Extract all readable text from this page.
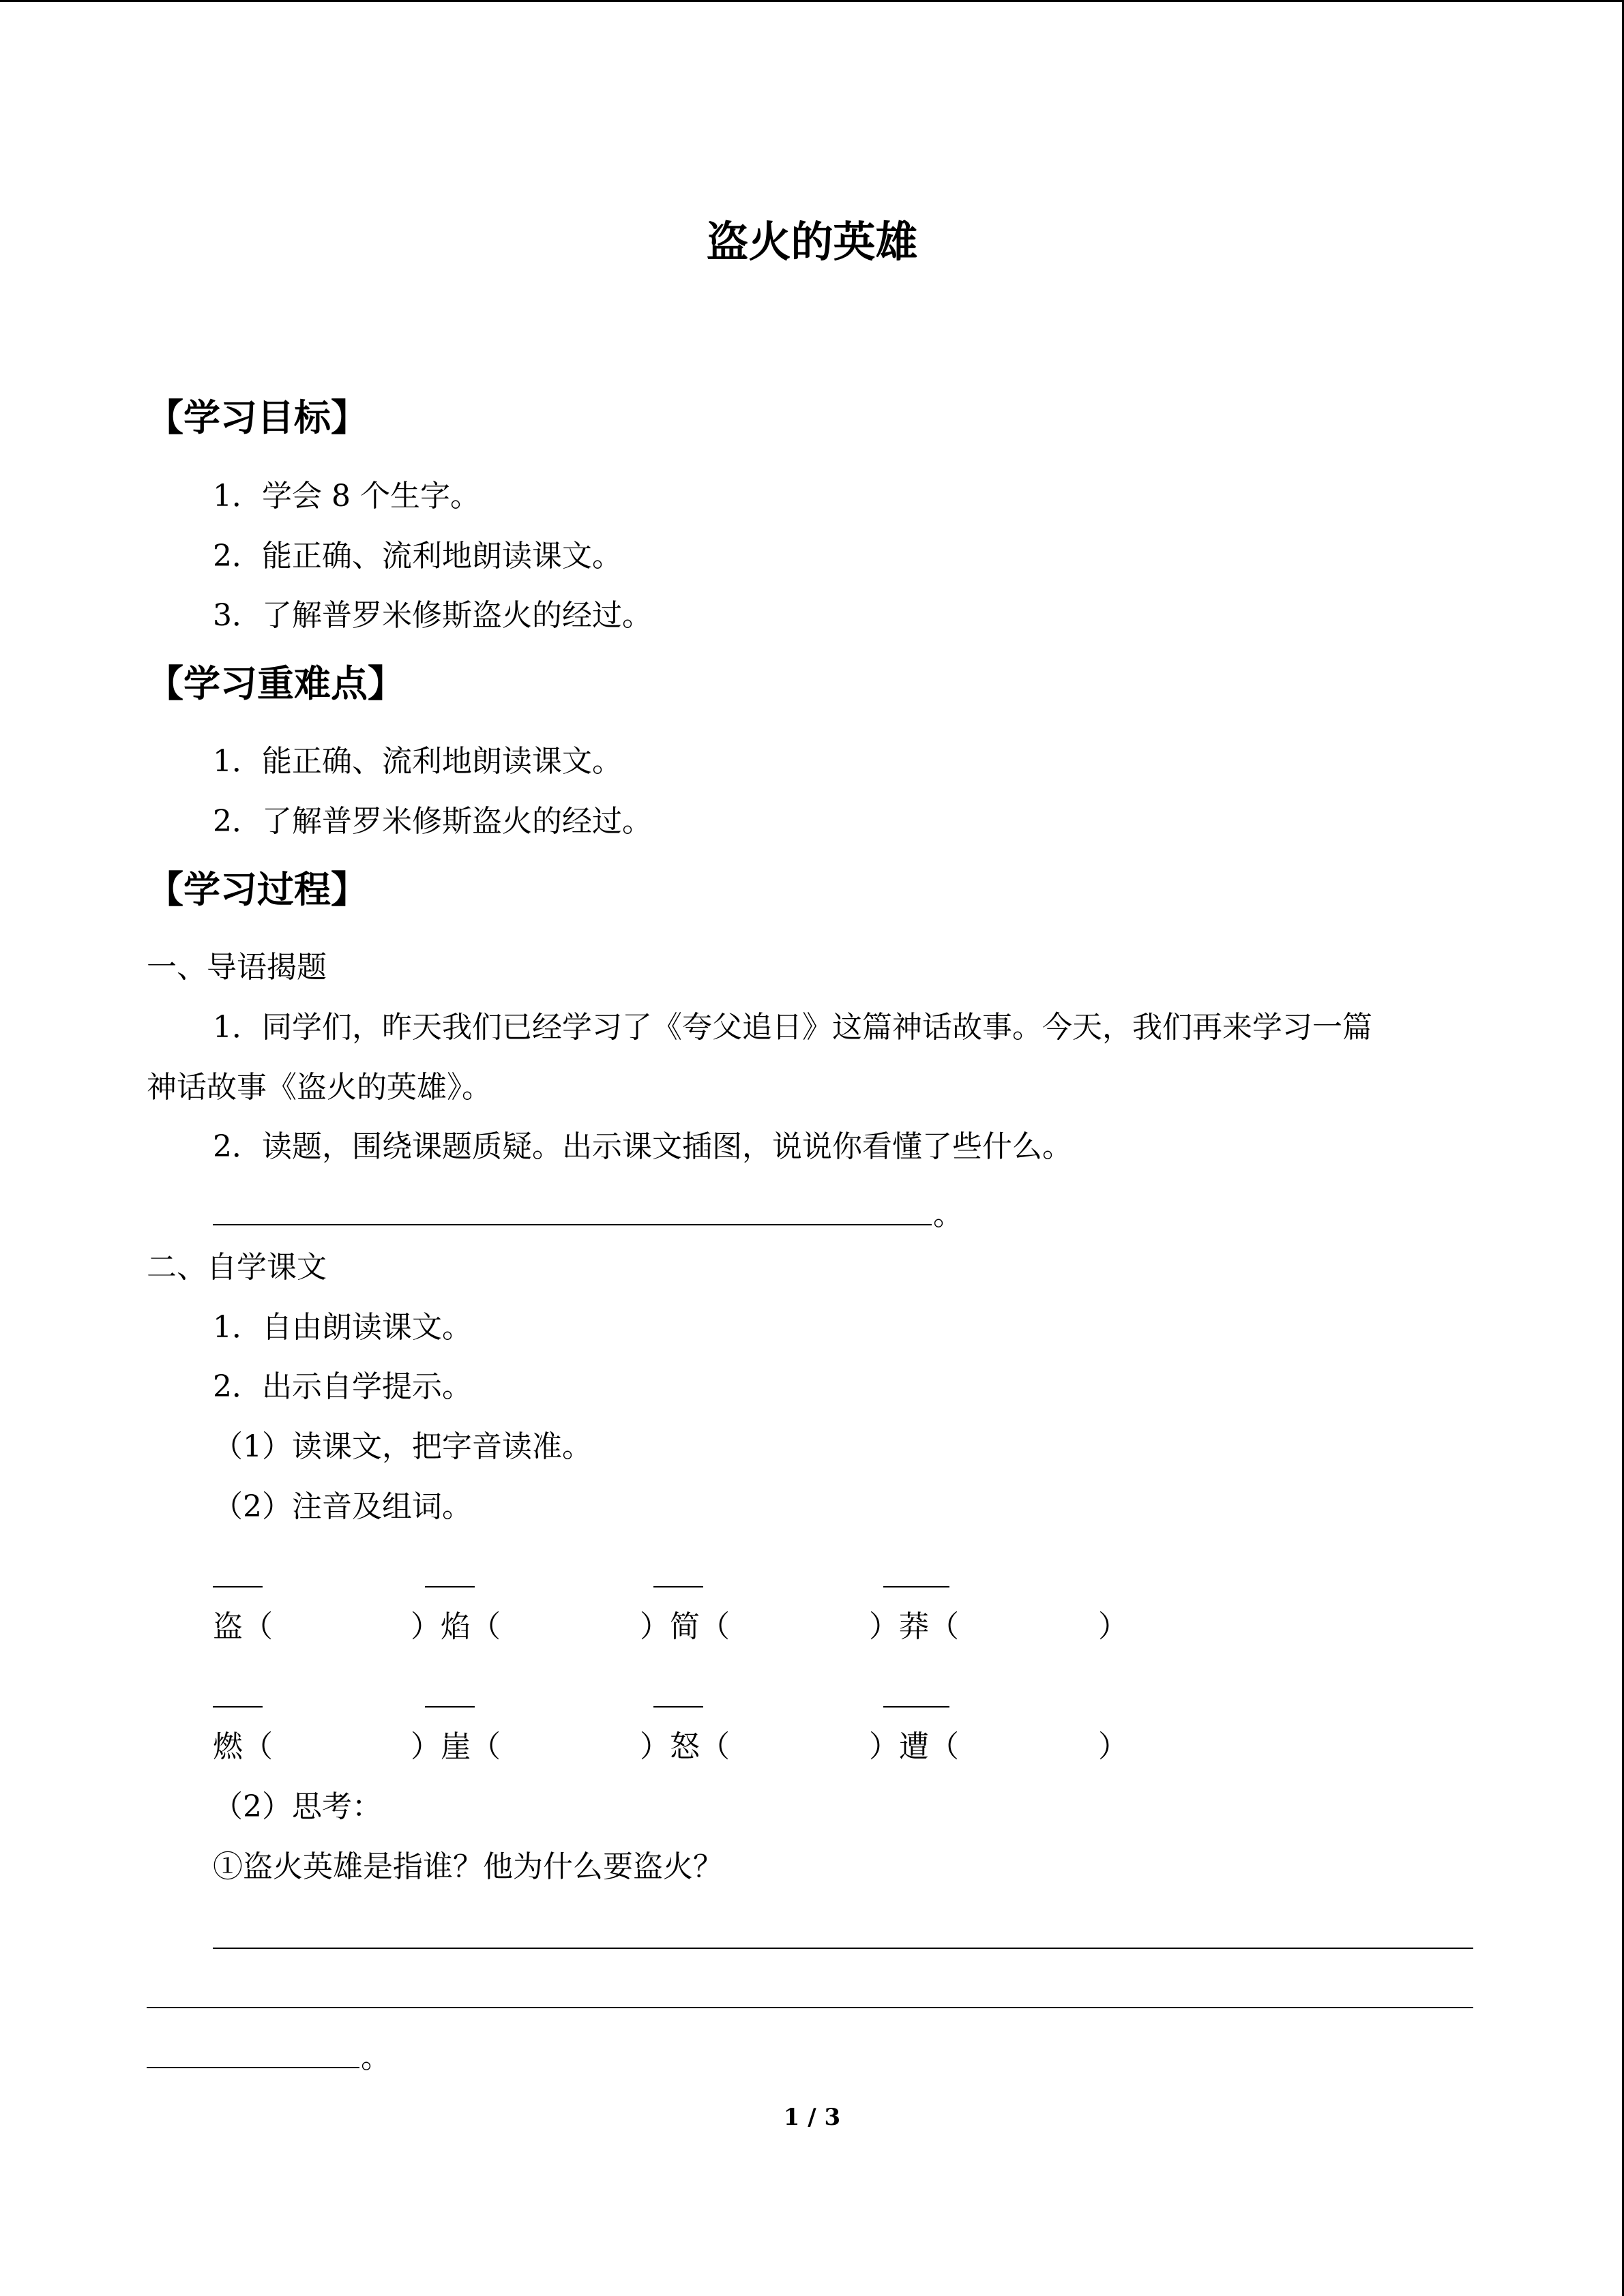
盗火的英雄
【学习目标】
1．学会 8 个生字。
2．能正确、流利地朗读课文。
3．了解普罗米修斯盗火的经过。
【学习重难点】
1．能正确、流利地朗读课文。
2．了解普罗米修斯盗火的经过。
【学习过程】
一、导语揭题
1．同学们，昨天我们已经学习了《夸父追日》这篇神话故事。今天，我们再来学习一篇
神话故事《盗火的英雄》。
2．读题，围绕课题质疑。出示课文插图，说说你看懂了些什么。
。
二、自学课文
1．自由朗读课文。
2．出示自学提示。
（1）读课文，把字音读准。
（2）注音及组词。
盗（	）焰（	）简（	）莽（	）
燃（	）崖（	）怒（	）遭（	）
（2）思考：
①盗火英雄是指谁？他为什么要盗火？
。
1 / 3
